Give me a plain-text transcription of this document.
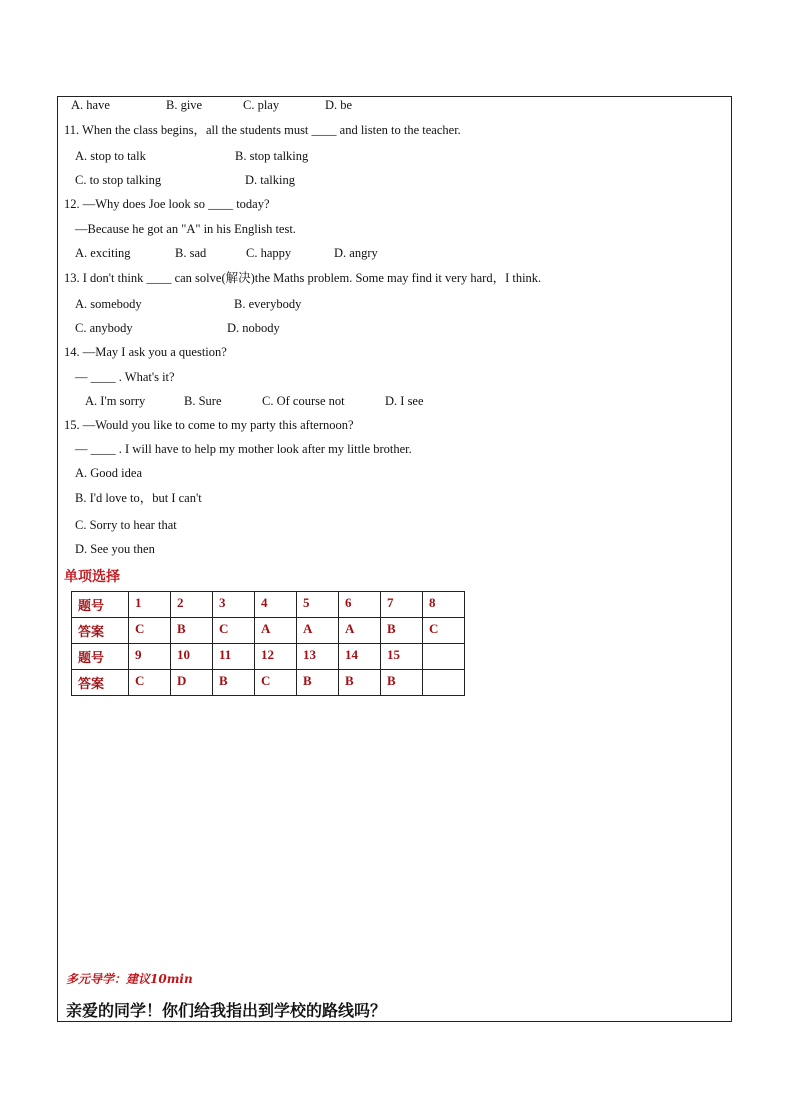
A. have	B. give	C. play	D. be
11. When the class begins，all the students must ____ and listen to the teacher.
A. stop to talk	B. stop talking
C. to stop talking	D. talking
12. —Why does Joe look so ____ today?
—Because he got an "A" in his English test.
A. exciting	B. sad	C. happy	D. angry
13. I don't think ____ can solve(解决)the Maths problem. Some may find it very hard，I think.
A. somebody	B. everybody
C. anybody	D. nobody
14. —May I ask you a question?
— ____ . What's it?
A. I'm sorry	B. Sure	C. Of course not	D. I see
15. —Would you like to come to my party this afternoon?
— ____ . I will have to help my mother look after my little brother.
A. Good idea
B. I'd love to，but I can't
C. Sorry to hear that
D. See you then
单项选择
题号	1	2	3	4	5	6	7	8
答案	C	B	C	A	A	A	B	C
题号	9	10	11	12	13	14	15	
答案	C	D	B	C	B	B	B	
多元导学：建议10min
亲爱的同学！你们给我指出到学校的路线吗？
